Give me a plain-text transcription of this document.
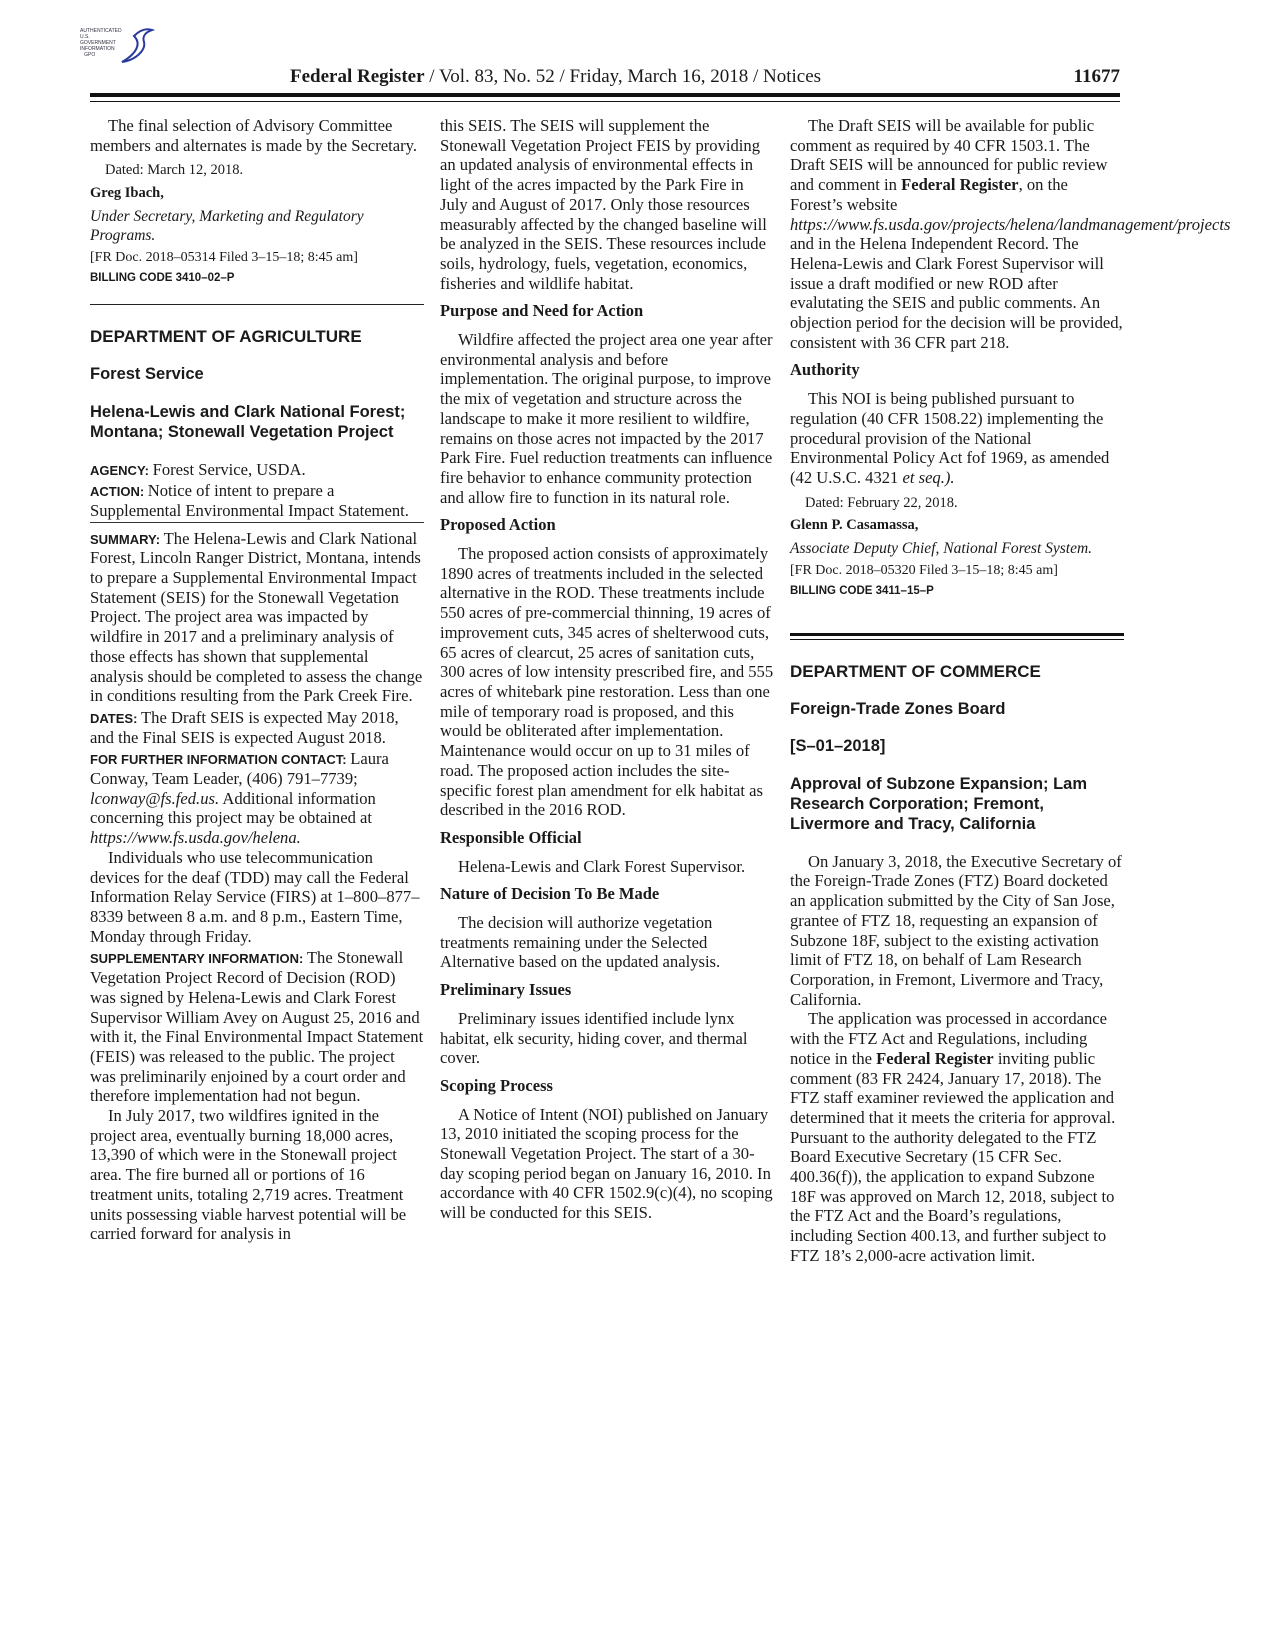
AUTHENTICATED
U.S. GOVERNMENT
INFORMATION
GPO
Federal Register / Vol. 83, No. 52 / Friday, March 16, 2018 / Notices	11677
The final selection of Advisory Committee members and alternates is made by the Secretary.
Dated: March 12, 2018.
Greg Ibach,
Under Secretary, Marketing and Regulatory Programs.
[FR Doc. 2018–05314 Filed 3–15–18; 8:45 am]
BILLING CODE 3410–02–P
DEPARTMENT OF AGRICULTURE
Forest Service
Helena-Lewis and Clark National Forest; Montana; Stonewall Vegetation Project
AGENCY: Forest Service, USDA.
ACTION: Notice of intent to prepare a Supplemental Environmental Impact Statement.
SUMMARY: The Helena-Lewis and Clark National Forest, Lincoln Ranger District, Montana, intends to prepare a Supplemental Environmental Impact Statement (SEIS) for the Stonewall Vegetation Project. The project area was impacted by wildfire in 2017 and a preliminary analysis of those effects has shown that supplemental analysis should be completed to assess the change in conditions resulting from the Park Creek Fire.
DATES: The Draft SEIS is expected May 2018, and the Final SEIS is expected August 2018.
FOR FURTHER INFORMATION CONTACT: Laura Conway, Team Leader, (406) 791–7739; lconway@fs.fed.us. Additional information concerning this project may be obtained at https://www.fs.usda.gov/helena.
Individuals who use telecommunication devices for the deaf (TDD) may call the Federal Information Relay Service (FIRS) at 1–800–877–8339 between 8 a.m. and 8 p.m., Eastern Time, Monday through Friday.
SUPPLEMENTARY INFORMATION: The Stonewall Vegetation Project Record of Decision (ROD) was signed by Helena-Lewis and Clark Forest Supervisor William Avey on August 25, 2016 and with it, the Final Environmental Impact Statement (FEIS) was released to the public. The project was preliminarily enjoined by a court order and therefore implementation had not begun.
In July 2017, two wildfires ignited in the project area, eventually burning 18,000 acres, 13,390 of which were in the Stonewall project area. The fire burned all or portions of 16 treatment units, totaling 2,719 acres. Treatment units possessing viable harvest potential will be carried forward for analysis in
this SEIS. The SEIS will supplement the Stonewall Vegetation Project FEIS by providing an updated analysis of environmental effects in light of the acres impacted by the Park Fire in July and August of 2017. Only those resources measurably affected by the changed baseline will be analyzed in the SEIS. These resources include soils, hydrology, fuels, vegetation, economics, fisheries and wildlife habitat.
Purpose and Need for Action
Wildfire affected the project area one year after environmental analysis and before implementation. The original purpose, to improve the mix of vegetation and structure across the landscape to make it more resilient to wildfire, remains on those acres not impacted by the 2017 Park Fire. Fuel reduction treatments can influence fire behavior to enhance community protection and allow fire to function in its natural role.
Proposed Action
The proposed action consists of approximately 1890 acres of treatments included in the selected alternative in the ROD. These treatments include 550 acres of pre-commercial thinning, 19 acres of improvement cuts, 345 acres of shelterwood cuts, 65 acres of clearcut, 25 acres of sanitation cuts, 300 acres of low intensity prescribed fire, and 555 acres of whitebark pine restoration. Less than one mile of temporary road is proposed, and this would be obliterated after implementation. Maintenance would occur on up to 31 miles of road. The proposed action includes the site-specific forest plan amendment for elk habitat as described in the 2016 ROD.
Responsible Official
Helena-Lewis and Clark Forest Supervisor.
Nature of Decision To Be Made
The decision will authorize vegetation treatments remaining under the Selected Alternative based on the updated analysis.
Preliminary Issues
Preliminary issues identified include lynx habitat, elk security, hiding cover, and thermal cover.
Scoping Process
A Notice of Intent (NOI) published on January 13, 2010 initiated the scoping process for the Stonewall Vegetation Project. The start of a 30-day scoping period began on January 16, 2010. In accordance with 40 CFR 1502.9(c)(4), no scoping will be conducted for this SEIS.
The Draft SEIS will be available for public comment as required by 40 CFR 1503.1. The Draft SEIS will be announced for public review and comment in Federal Register, on the Forest’s website https://www.fs.usda.gov/projects/helena/landmanagement/projects and in the Helena Independent Record. The Helena-Lewis and Clark Forest Supervisor will issue a draft modified or new ROD after evalutating the SEIS and public comments. An objection period for the decision will be provided, consistent with 36 CFR part 218.
Authority
This NOI is being published pursuant to regulation (40 CFR 1508.22) implementing the procedural provision of the National Environmental Policy Act fof 1969, as amended (42 U.S.C. 4321 et seq.).
Dated: February 22, 2018.
Glenn P. Casamassa,
Associate Deputy Chief, National Forest System.
[FR Doc. 2018–05320 Filed 3–15–18; 8:45 am]
BILLING CODE 3411–15–P
DEPARTMENT OF COMMERCE
Foreign-Trade Zones Board
[S–01–2018]
Approval of Subzone Expansion; Lam Research Corporation; Fremont, Livermore and Tracy, California
On January 3, 2018, the Executive Secretary of the Foreign-Trade Zones (FTZ) Board docketed an application submitted by the City of San Jose, grantee of FTZ 18, requesting an expansion of Subzone 18F, subject to the existing activation limit of FTZ 18, on behalf of Lam Research Corporation, in Fremont, Livermore and Tracy, California.
The application was processed in accordance with the FTZ Act and Regulations, including notice in the Federal Register inviting public comment (83 FR 2424, January 17, 2018). The FTZ staff examiner reviewed the application and determined that it meets the criteria for approval. Pursuant to the authority delegated to the FTZ Board Executive Secretary (15 CFR Sec. 400.36(f)), the application to expand Subzone 18F was approved on March 12, 2018, subject to the FTZ Act and the Board’s regulations, including Section 400.13, and further subject to FTZ 18’s 2,000-acre activation limit.
